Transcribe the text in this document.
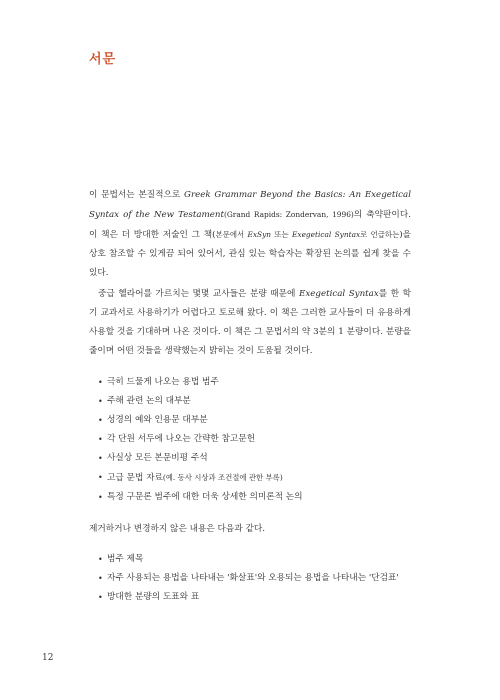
서문

이 문법서는 본질적으로 Greek Grammar Beyond the Basics: An Exegetical Syntax of the New Testament(Grand Rapids: Zondervan, 1996)의 축약판이다. 이 책은 더 방대한 저술인 그 책(본문에서 ExSyn 또는 Exegetical Syntax로 언급하는)을 상호 참조할 수 있게끔 되어 있어서, 관심 있는 학습자는 확장된 논의를 쉽게 찾을 수 있다.

중급 헬라어를 가르치는 몇몇 교사들은 분량 때문에 Exegetical Syntax를 한 학기 교과서로 사용하기가 어렵다고 토로해 왔다. 이 책은 그러한 교사들이 더 유용하게 사용할 것을 기대하며 나온 것이다. 이 책은 그 문법서의 약 3분의 1 분량이다. 분량을 줄이며 어떤 것들을 생략했는지 밝히는 것이 도움될 것이다.

• 극히 드물게 나오는 용법 범주
• 주해 관련 논의 대부분
• 성경의 예와 인용문 대부분
• 각 단원 서두에 나오는 간략한 참고문헌
• 사실상 모든 본문비평 주석
• 고급 문법 자료(예. 동사 시상과 조건절에 관한 부록)
• 특정 구문론 범주에 대한 더욱 상세한 의미론적 논의

제거하거나 변경하지 않은 내용은 다음과 같다.

• 범주 제목
• 자주 사용되는 용법을 나타내는 '화살표'와 오용되는 용법을 나타내는 '단검표'
• 방대한 분량의 도표와 표
12
